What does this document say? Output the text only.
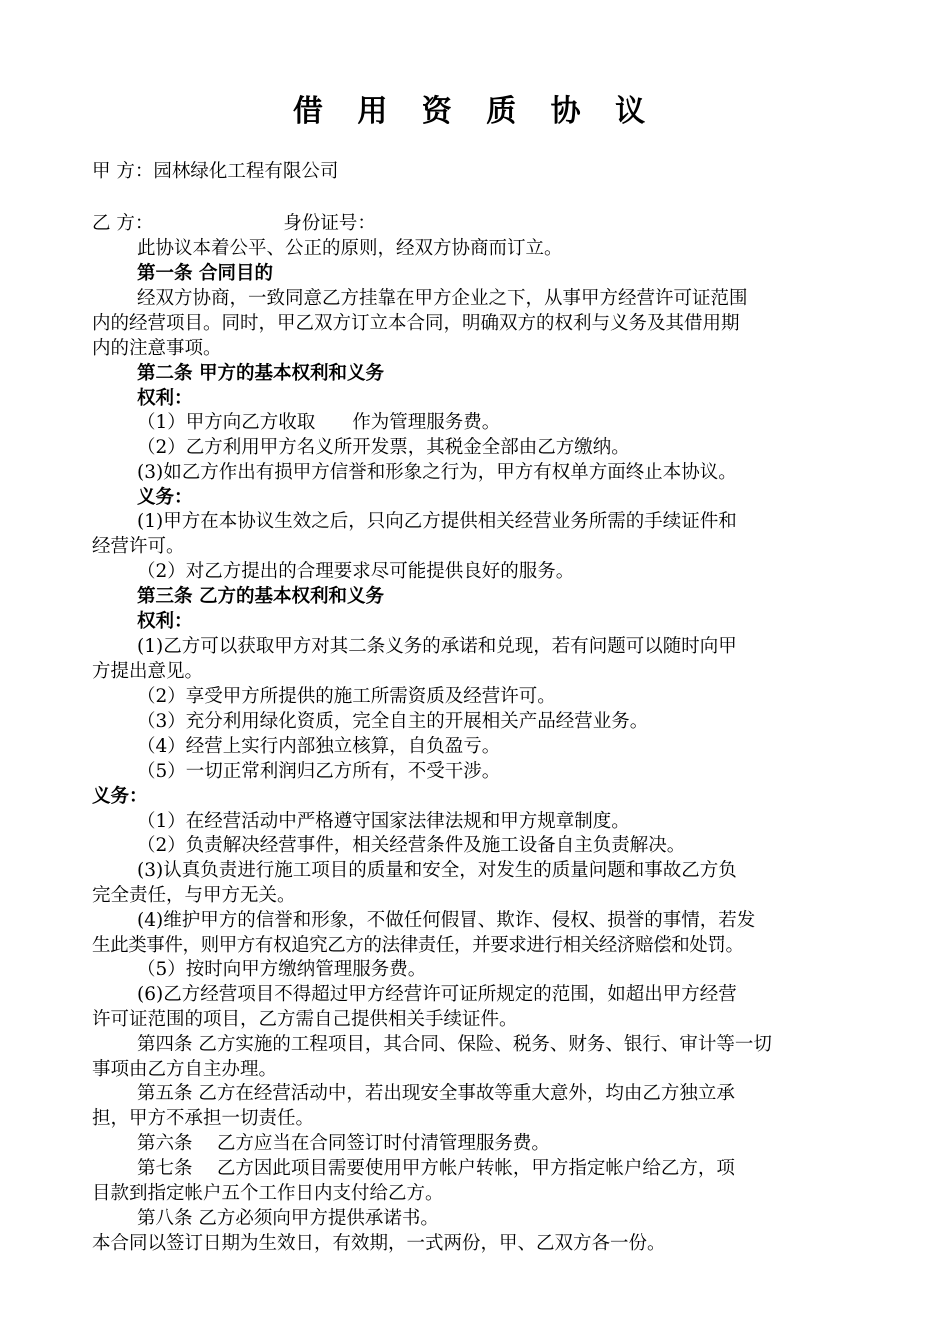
借 用 资 质 协 议
甲 方：园林绿化工程有限公司
乙 方：	身份证号：
此协议本着公平、公正的原则，经双方协商而订立。
第一条 合同目的
经双方协商，一致同意乙方挂靠在甲方企业之下，从事甲方经营许可证范围
内的经营项目。同时，甲乙双方订立本合同，明确双方的权利与义务及其借用期
内的注意事项。
第二条 甲方的基本权利和义务
权利：
（1）甲方向乙方收取　　作为管理服务费。
（2）乙方利用甲方名义所开发票，其税金全部由乙方缴纳。
(3)如乙方作出有损甲方信誉和形象之行为，甲方有权单方面终止本协议。
义务：
(1)甲方在本协议生效之后，只向乙方提供相关经营业务所需的手续证件和
经营许可。
（2）对乙方提出的合理要求尽可能提供良好的服务。
第三条 乙方的基本权利和义务
权利：
(1)乙方可以获取甲方对其二条义务的承诺和兑现，若有问题可以随时向甲
方提出意见。
（2）享受甲方所提供的施工所需资质及经营许可。
（3）充分利用绿化资质，完全自主的开展相关产品经营业务。
（4）经营上实行内部独立核算，自负盈亏。
（5）一切正常利润归乙方所有，不受干涉。
义务：
（1）在经营活动中严格遵守国家法律法规和甲方规章制度。
（2）负责解决经营事件，相关经营条件及施工设备自主负责解决。
(3)认真负责进行施工项目的质量和安全，对发生的质量问题和事故乙方负
完全责任，与甲方无关。
(4)维护甲方的信誉和形象，不做任何假冒、欺诈、侵权、损誉的事情，若发
生此类事件，则甲方有权追究乙方的法律责任，并要求进行相关经济赔偿和处罚。
（5）按时向甲方缴纳管理服务费。
(6)乙方经营项目不得超过甲方经营许可证所规定的范围，如超出甲方经营
许可证范围的项目，乙方需自己提供相关手续证件。
第四条 乙方实施的工程项目，其合同、保险、税务、财务、银行、审计等一切
事项由乙方自主办理。
第五条 乙方在经营活动中，若出现安全事故等重大意外，均由乙方独立承
担，甲方不承担一切责任。
第六条　 乙方应当在合同签订时付清管理服务费。
第七条　 乙方因此项目需要使用甲方帐户转帐，甲方指定帐户给乙方，项
目款到指定帐户五个工作日内支付给乙方。
第八条 乙方必须向甲方提供承诺书。
本合同以签订日期为生效日，有效期，一式两份，甲、乙双方各一份。
